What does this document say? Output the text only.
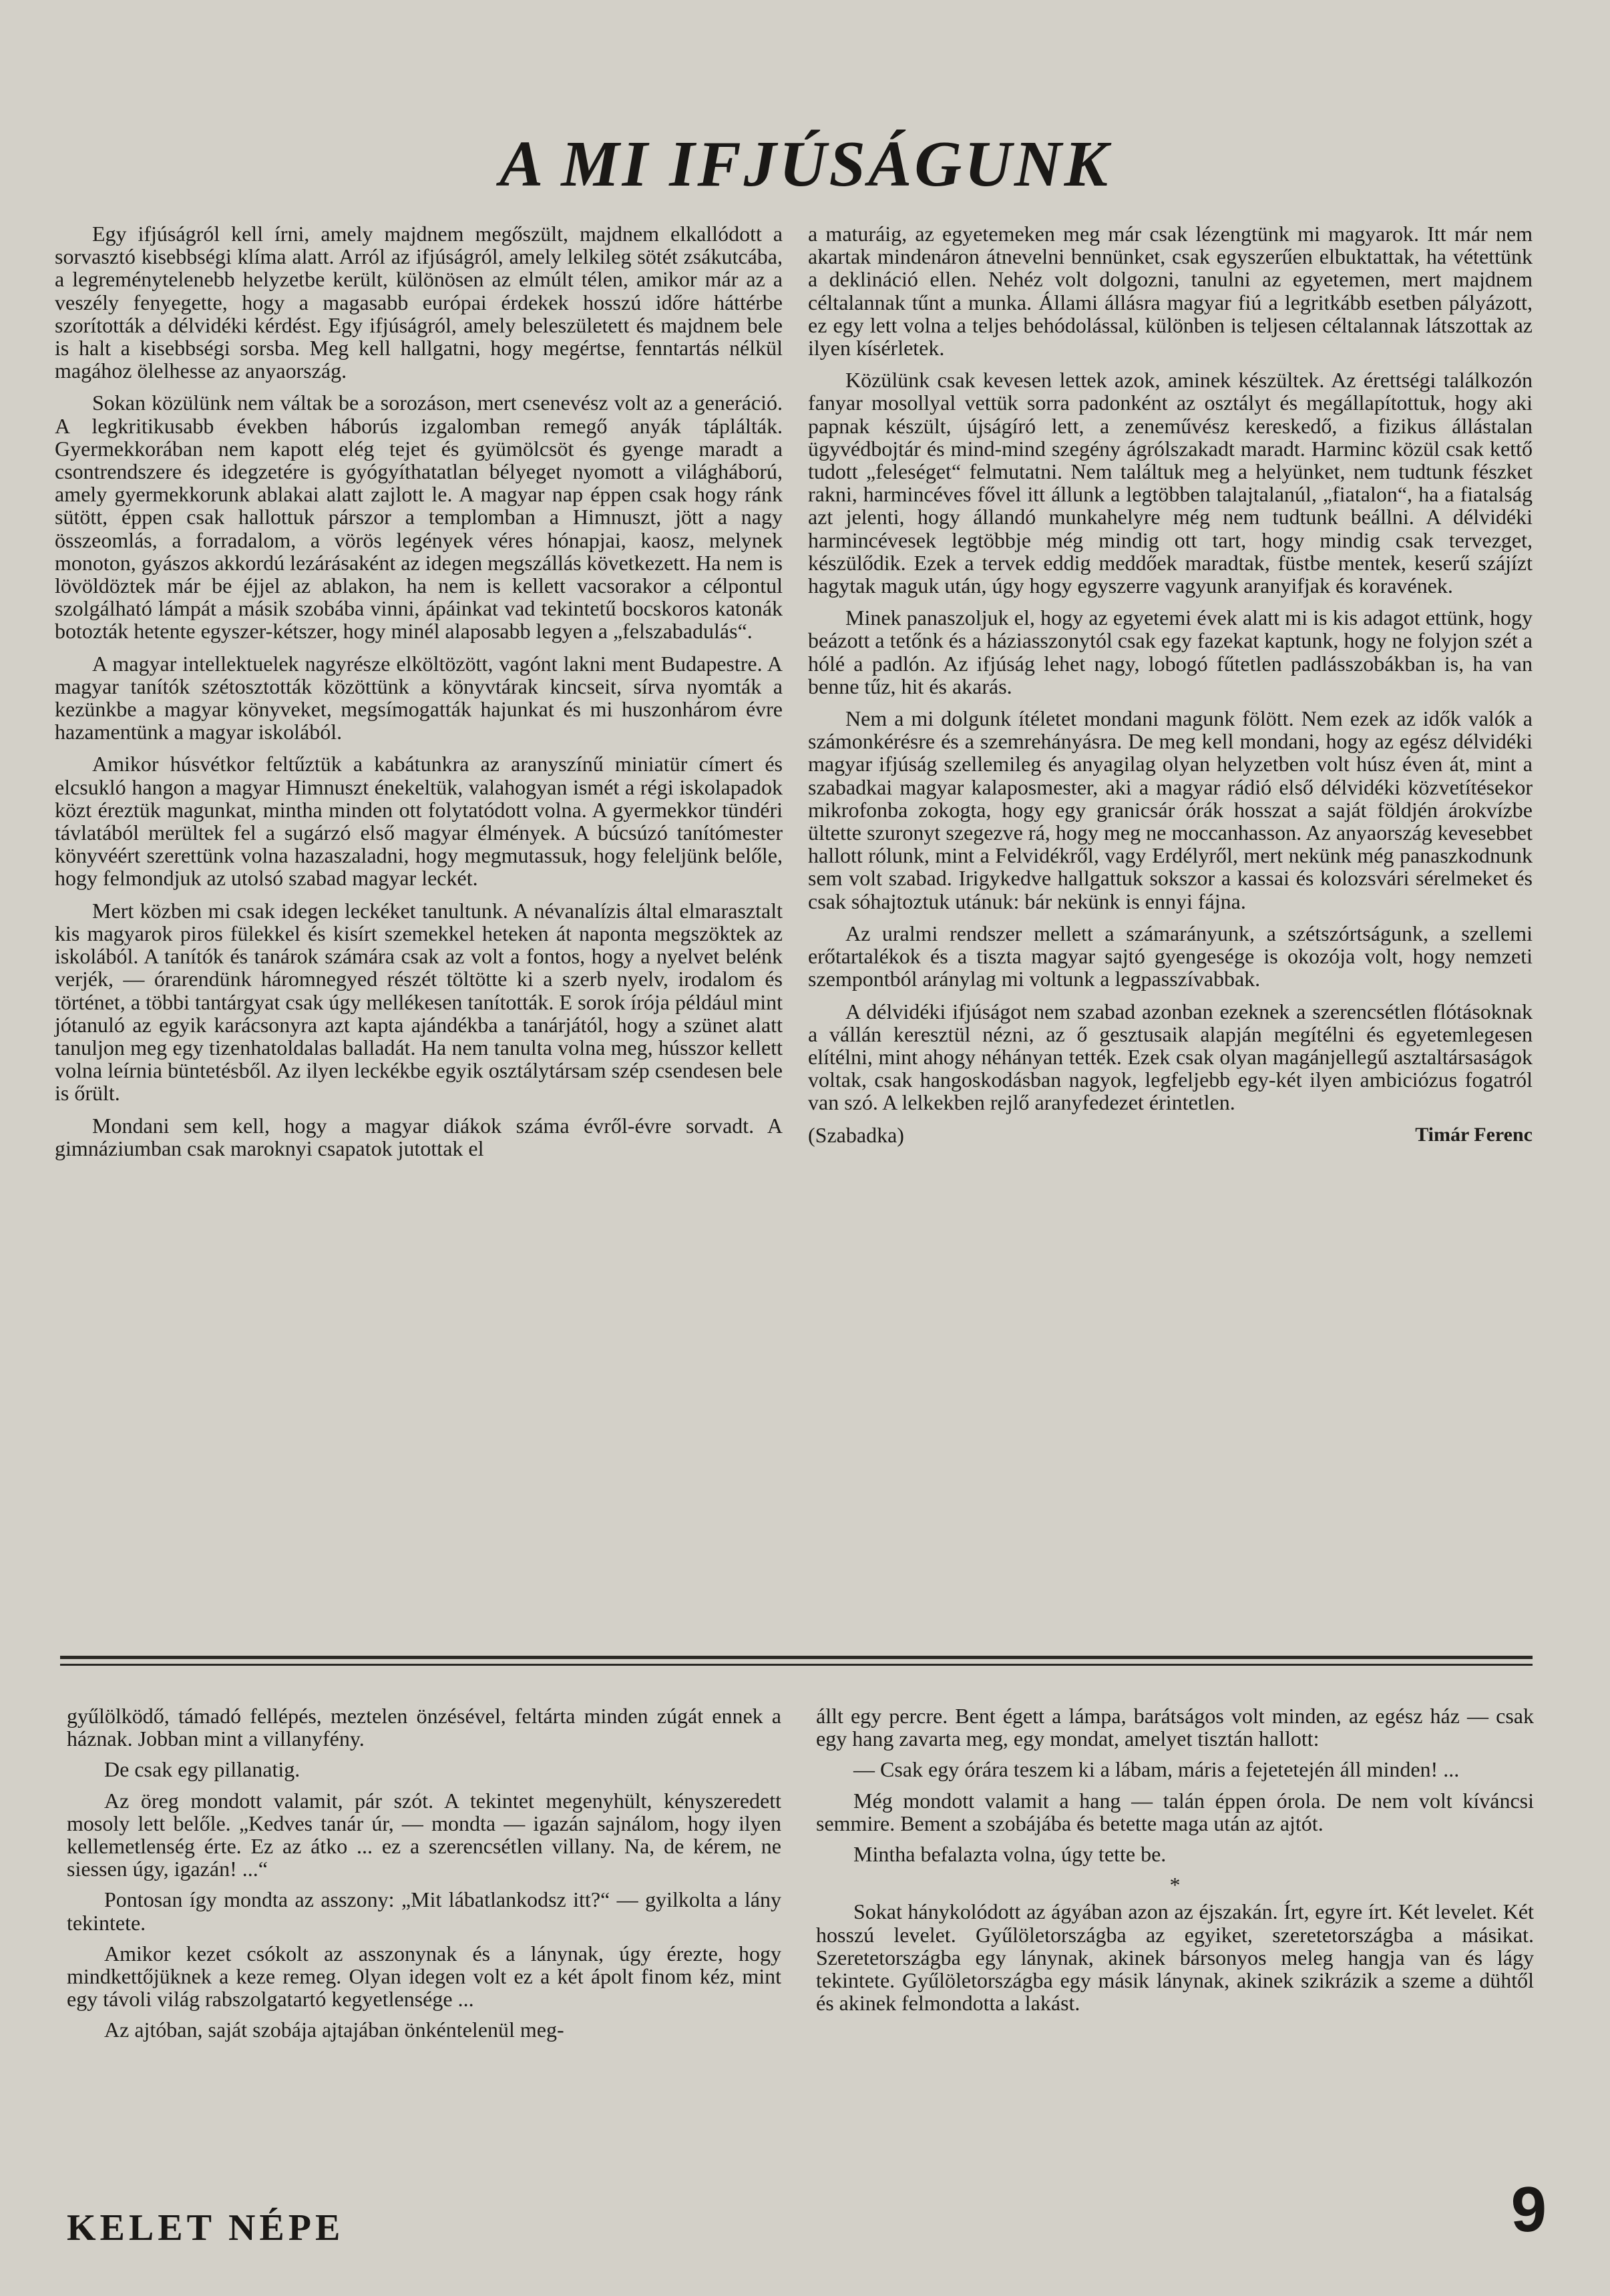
A MI IFJÚSÁGUNK

Egy ifjúságról kell írni, amely majdnem megőszült, majdnem elkallódott a sorvasztó kisebbségi klíma alatt. Arról az ifjúságról, amely lelkileg sötét zsákutcába, a legreménytelenebb helyzetbe került, különösen az elmúlt télen, amikor már az a veszély fenyegette, hogy a magasabb európai érdekek hosszú időre háttérbe szorították a délvidéki kérdést. Egy ifjúságról, amely beleszületett és majdnem bele is halt a kisebbségi sorsba. Meg kell hallgatni, hogy megértse, fenntartás nélkül magához ölelhesse az anyaország.

Sokan közülünk nem váltak be a sorozáson, mert csenevész volt az a generáció. A legkritikusabb években háborús izgalomban remegő anyák táplálták. Gyermekkorában nem kapott elég tejet és gyümölcsöt és gyenge maradt a csontrendszere és idegzetére is gyógyíthatatlan bélyeget nyomott a világháború, amely gyermekkorunk ablakai alatt zajlott le. A magyar nap éppen csak hogy ránk sütött, éppen csak hallottuk párszor a templomban a Himnuszt, jött a nagy összeomlás, a forradalom, a vörös legények véres hónapjai, kaosz, melynek monoton, gyászos akkordú lezárásaként az idegen megszállás következett. Ha nem is lövöldöztek már be éjjel az ablakon, ha nem is kellett vacsorakor a célpontul szolgálható lámpát a másik szobába vinni, ápáinkat vad tekintetű bocskoros katonák botozták hetente egyszer-kétszer, hogy minél alaposabb legyen a „felszabadulás“.

A magyar intellektuelek nagyrésze elköltözött, vagónt lakni ment Budapestre. A magyar tanítók szétosztották közöttünk a könyvtárak kincseit, sírva nyomták a kezünkbe a magyar könyveket, megsímogatták hajunkat és mi huszonhárom évre hazamentünk a magyar iskolából.

Amikor húsvétkor feltűztük a kabátunkra az aranyszínű miniatür címert és elcsukló hangon a magyar Himnuszt énekeltük, valahogyan ismét a régi iskolapadok közt éreztük magunkat, mintha minden ott folytatódott volna. A gyermekkor tündéri távlatából merültek fel a sugárzó első magyar élmények. A búcsúzó tanítómester könyvéért szerettünk volna hazaszaladni, hogy megmutassuk, hogy feleljünk belőle, hogy felmondjuk az utolsó szabad magyar leckét.

Mert közben mi csak idegen leckéket tanultunk. A névanalízis által elmarasztalt kis magyarok piros fülekkel és kisírt szemekkel heteken át naponta megszöktek az iskolából. A tanítók és tanárok számára csak az volt a fontos, hogy a nyelvet belénk verjék, — órarendünk háromnegyed részét töltötte ki a szerb nyelv, irodalom és történet, a többi tantárgyat csak úgy mellékesen tanították. E sorok írója például mint jótanuló az egyik karácsonyra azt kapta ajándékba a tanárjától, hogy a szünet alatt tanuljon meg egy tizenhatoldalas balladát. Ha nem tanulta volna meg, hússzor kellett volna leírnia büntetésből. Az ilyen leckékbe egyik osztálytársam szép csendesen bele is őrült.

Mondani sem kell, hogy a magyar diákok száma évről-évre sorvadt. A gimnáziumban csak maroknyi csapatok jutottak el

a maturáig, az egyetemeken meg már csak lézengtünk mi magyarok. Itt már nem akartak mindenáron átnevelni bennünket, csak egyszerűen elbuktattak, ha vétettünk a deklináció ellen. Nehéz volt dolgozni, tanulni az egyetemen, mert majdnem céltalannak tűnt a munka. Állami állásra magyar fiú a legritkább esetben pályázott, ez egy lett volna a teljes behódolással, különben is teljesen céltalannak látszottak az ilyen kísérletek.

Közülünk csak kevesen lettek azok, aminek készültek. Az érettségi találkozón fanyar mosollyal vettük sorra padonként az osztályt és megállapítottuk, hogy aki papnak készült, újságíró lett, a zeneművész kereskedő, a fizikus állástalan ügyvédbojtár és mind-mind szegény ágrólszakadt maradt. Harminc közül csak kettő tudott „feleséget“ felmutatni. Nem találtuk meg a helyünket, nem tudtunk fészket rakni, harmincéves fővel itt állunk a legtöbben talajtalanúl, „fiatalon“, ha a fiatalság azt jelenti, hogy állandó munkahelyre még nem tudtunk beállni. A délvidéki harmincévesek legtöbbje még mindig ott tart, hogy mindig csak tervezget, készülődik. Ezek a tervek eddig meddőek maradtak, füstbe mentek, keserű szájízt hagytak maguk után, úgy hogy egyszerre vagyunk aranyifjak és koravének.

Minek panaszoljuk el, hogy az egyetemi évek alatt mi is kis adagot ettünk, hogy beázott a tetőnk és a háziasszonytól csak egy fazekat kaptunk, hogy ne folyjon szét a hólé a padlón. Az ifjúság lehet nagy, lobogó fűtetlen padlásszobákban is, ha van benne tűz, hit és akarás.

Nem a mi dolgunk ítéletet mondani magunk fölött. Nem ezek az idők valók a számonkérésre és a szemrehányásra. De meg kell mondani, hogy az egész délvidéki magyar ifjúság szellemileg és anyagilag olyan helyzetben volt húsz éven át, mint a szabadkai magyar kalaposmester, aki a magyar rádió első délvidéki közvetítésekor mikrofonba zokogta, hogy egy granicsár órák hosszat a saját földjén árokvízbe ültette szuronyt szegezve rá, hogy meg ne moccanhasson. Az anyaország kevesebbet hallott rólunk, mint a Felvidékről, vagy Erdélyről, mert nekünk még panaszkodnunk sem volt szabad. Irigykedve hallgattuk sokszor a kassai és kolozsvári sérelmeket és csak sóhajtoztuk utánuk: bár nekünk is ennyi fájna.

Az uralmi rendszer mellett a számarányunk, a szétszórtságunk, a szellemi erőtartalékok és a tiszta magyar sajtó gyengesége is okozója volt, hogy nemzeti szempontból aránylag mi voltunk a legpasszívabbak.

A délvidéki ifjúságot nem szabad azonban ezeknek a szerencsétlen flótásoknak a vállán keresztül nézni, az ő gesztusaik alapján megítélni és egyetemlegesen elítélni, mint ahogy néhányan tették. Ezek csak olyan magánjellegű asztaltársaságok voltak, csak hangoskodásban nagyok, legfeljebb egy-két ilyen ambiciózus fogatról van szó. A lelkekben rejlő aranyfedezet érintetlen.

(Szabadka)	Timár Ferenc

gyűlölködő, támadó fellépés, meztelen önzésével, feltárta minden zúgát ennek a háznak. Jobban mint a villanyfény.

De csak egy pillanatig.

Az öreg mondott valamit, pár szót. A tekintet megenyhült, kényszeredett mosoly lett belőle. „Kedves tanár úr, — mondta — igazán sajnálom, hogy ilyen kellemetlenség érte. Ez az átko ... ez a szerencsétlen villany. Na, de kérem, ne siessen úgy, igazán! ...“

Pontosan így mondta az asszony: „Mit lábatlankodsz itt?“ — gyilkolta a lány tekintete.

Amikor kezet csókolt az asszonynak és a lánynak, úgy érezte, hogy mindkettőjüknek a keze remeg. Olyan idegen volt ez a két ápolt finom kéz, mint egy távoli világ rabszolgatartó kegyetlensége ...

Az ajtóban, saját szobája ajtajában önkéntelenül meg-

állt egy percre. Bent égett a lámpa, barátságos volt minden, az egész ház — csak egy hang zavarta meg, egy mondat, amelyet tisztán hallott:

— Csak egy órára teszem ki a lábam, máris a fejetetején áll minden! ...

Még mondott valamit a hang — talán éppen órola. De nem volt kíváncsi semmire. Bement a szobájába és betette maga után az ajtót.

Mintha befalazta volna, úgy tette be.

*

Sokat hánykolódott az ágyában azon az éjszakán. Írt, egyre írt. Két levelet. Két hosszú levelet. Gyűlöletországba az egyiket, szeretetországba a másikat. Szeretetországba egy lánynak, akinek bársonyos meleg hangja van és lágy tekintete. Gyűlöletországba egy másik lánynak, akinek szikrázik a szeme a dühtől és akinek felmondotta a lakást.

KELET NÉPE	9
